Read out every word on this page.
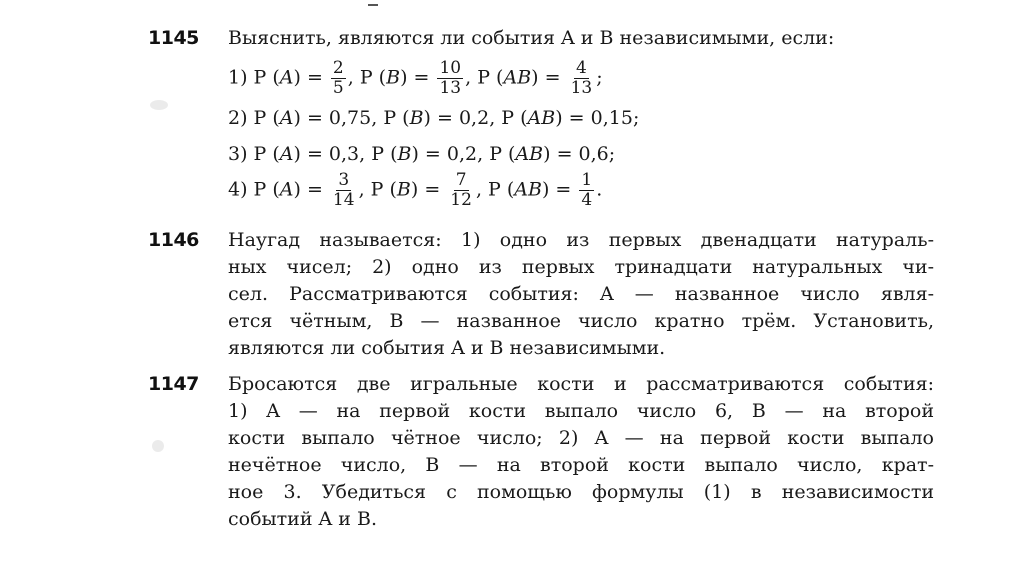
1145 Выяснить, являются ли события A и B независимыми, если:
1) P $(A) = \frac{2}{5}$ , P $(B) = \frac{10}{13}$ , P $(AB) = \frac{4}{13}$ ;
2) P (A) = 0,75, P (B) = 0,2, P (AB) = 0,15;
3) P (A) = 0,3, P (B) = 0,2, P (AB) = 0,6;
4) P $(A) = \frac{3}{14}$ , P $(B) = \frac{7}{12}$ , P $(AB) = \frac{1}{4}$ .
1146 Наугад называется: 1) одно из первых двенадцати натураль-
ных чисел; 2) одно из первых тринадцати натуральных чи-
сел. Рассматриваются события: A — названное число явля-
ется чётным, B — названное число кратно трём. Установить,
являются ли события A и B независимыми.
1147 Бросаются две игральные кости и рассматриваются события:
1) A — на первой кости выпало число 6, B — на второй
кости выпало чётное число; 2) A — на первой кости выпало
нечётное число, B — на второй кости выпало число, крат-
ное 3. Убедиться с помощью формулы (1) в независимости
событий A и B.
